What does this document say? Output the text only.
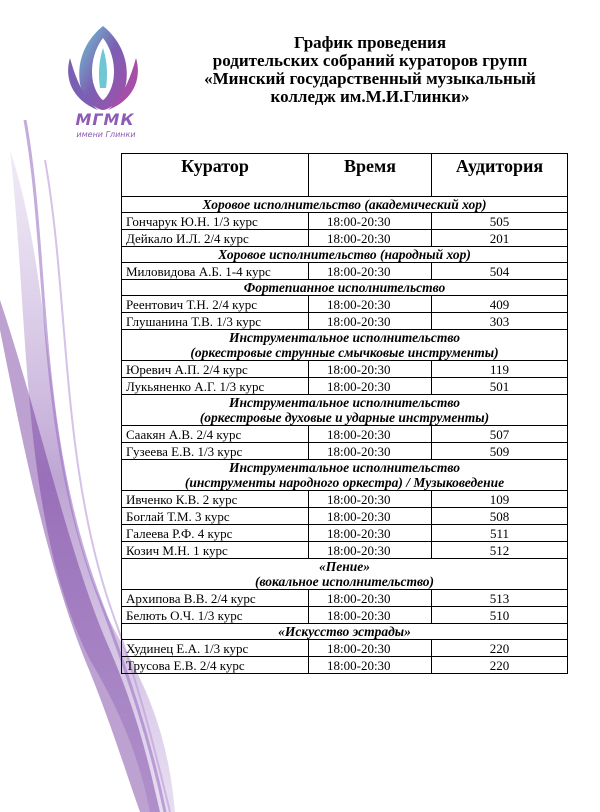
МГМК
имени Глинки
График проведения
родительских собраний кураторов групп
«Минский государственный музыкальный
колледж им.М.И.Глинки»
Куратор	Время	Аудитория

Хоровое исполнительство (академический хор)		

Гончарук Ю.Н. 1/3 курс	18:00-20:30	505
Дейкало И.Л. 2/4 курс	18:00-20:30	201

Хоровое исполнительство (народный хор)		

Миловидова А.Б. 1-4 курс	18:00-20:30	504

Фортепианное исполнительство		

Реентович Т.Н. 2/4 курс	18:00-20:30	409
Глушанина Т.В. 1/3 курс	18:00-20:30	303

Инструментальное исполнительство
(оркестровые струнные смычковые инструменты)		

Юревич А.П. 2/4 курс	18:00-20:30	119
Лукьяненко А.Г. 1/3 курс	18:00-20:30	501

Инструментальное исполнительство
(оркестровые духовые и ударные инструменты)		

Саакян А.В. 2/4 курс	18:00-20:30	507
Гузеева Е.В. 1/3 курс	18:00-20:30	509

Инструментальное исполнительство
(инструменты народного оркестра) / Музыковедение		

Ивченко К.В. 2 курс	18:00-20:30	109
Боглай Т.М. 3 курс	18:00-20:30	508
Галеева Р.Ф. 4 курс	18:00-20:30	511
Козич М.Н. 1 курс	18:00-20:30	512

«Пение»
(вокальное исполнительство)		

Архипова В.В. 2/4 курс	18:00-20:30	513
Белють О.Ч. 1/3 курс	18:00-20:30	510

«Искусство эстрады»		

Худинец Е.А. 1/3 курс	18:00-20:30	220
Трусова Е.В. 2/4 курс	18:00-20:30	220
